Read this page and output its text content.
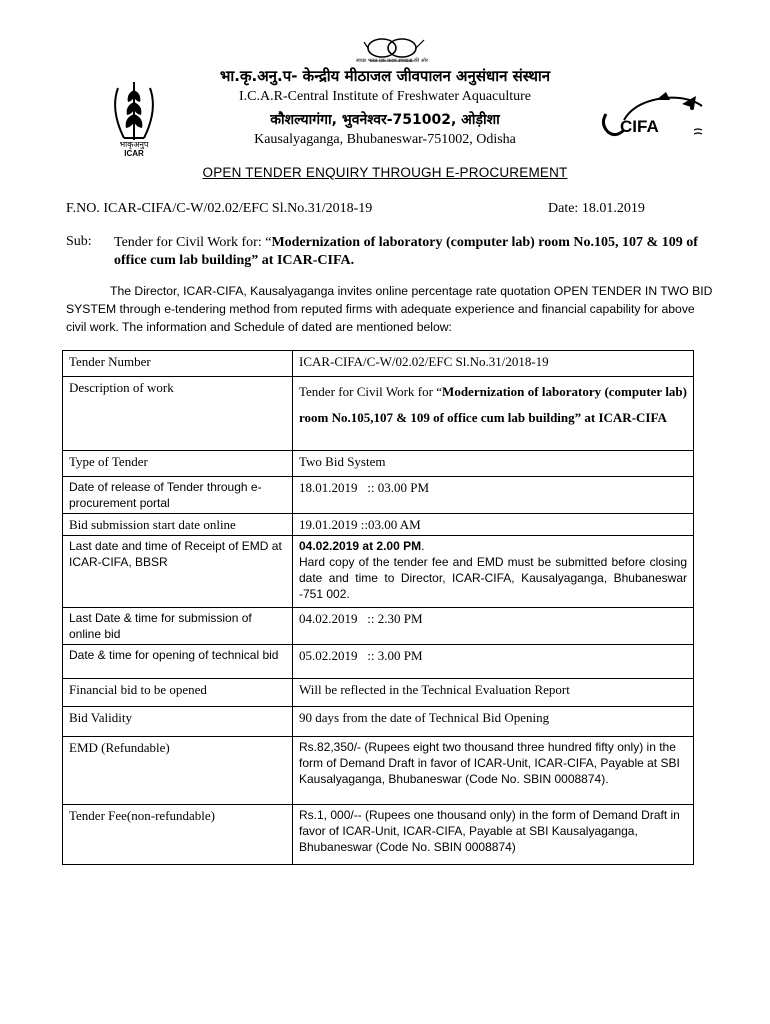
स्वच्छ भारत एक कदम स्वच्छता की ओर
भा.कृ.अनु.प- केन्द्रीय मीठाजल जीवपालन अनुसंधान संस्थान
I.C.A.R-Central Institute of Freshwater Aquaculture
कौशल्यागंगा, भुवनेश्वर-751002, ओड़ीशा
Kausalyaganga, Bhubaneswar-751002, Odisha
भाकृअनुप
ICAR
CIFA
OPEN TENDER ENQUIRY THROUGH E-PROCUREMENT
F.NO. ICAR-CIFA/C-W/02.02/EFC Sl.No.31/2018-19	Date: 18.01.2019
Sub: Tender for Civil Work for: “Modernization of laboratory (computer lab) room No.105, 107 & 109 of office cum lab building” at ICAR-CIFA.
The Director, ICAR-CIFA, Kausalyaganga invites online percentage rate quotation OPEN TENDER IN TWO BID SYSTEM through e-tendering method from reputed firms with adequate experience and financial capability for above civil work. The information and Schedule of dated are mentioned below:
Tender Number	ICAR-CIFA/C-W/02.02/EFC Sl.No.31/2018-19
Description of work	Tender for Civil Work for “Modernization of laboratory (computer lab) room No.105,107 & 109 of office cum lab building” at ICAR-CIFA

Type of Tender	Two Bid System
Date of release of Tender through e-procurement portal	18.01.2019   :: 03.00 PM
Bid submission start date online	19.01.2019 ::03.00 AM
Last date and time of Receipt of EMD at ICAR-CIFA, BBSR	04.02.2019 at 2.00 PM.
Hard copy of the tender fee and EMD must be submitted before closing date and time to Director, ICAR-CIFA, Kausalyaganga, Bhubaneswar -751 002.
Last Date & time for submission of online bid	04.02.2019   :: 2.30 PM
Date & time for opening of technical bid	05.02.2019   :: 3.00 PM
Financial bid to be opened	Will be reflected in the Technical Evaluation Report
Bid Validity	90 days from the date of Technical Bid Opening
EMD (Refundable)	Rs.82,350/- (Rupees eight two thousand three hundred fifty only) in the form of Demand Draft in favor of ICAR-Unit, ICAR-CIFA, Payable at SBI Kausalyaganga, Bhubaneswar (Code No. SBIN 0008874).
Tender Fee(non-refundable)	Rs.1, 000/-- (Rupees one thousand only) in the form of Demand Draft in favor of ICAR-Unit, ICAR-CIFA, Payable at SBI Kausalyaganga, Bhubaneswar (Code No. SBIN 0008874)
